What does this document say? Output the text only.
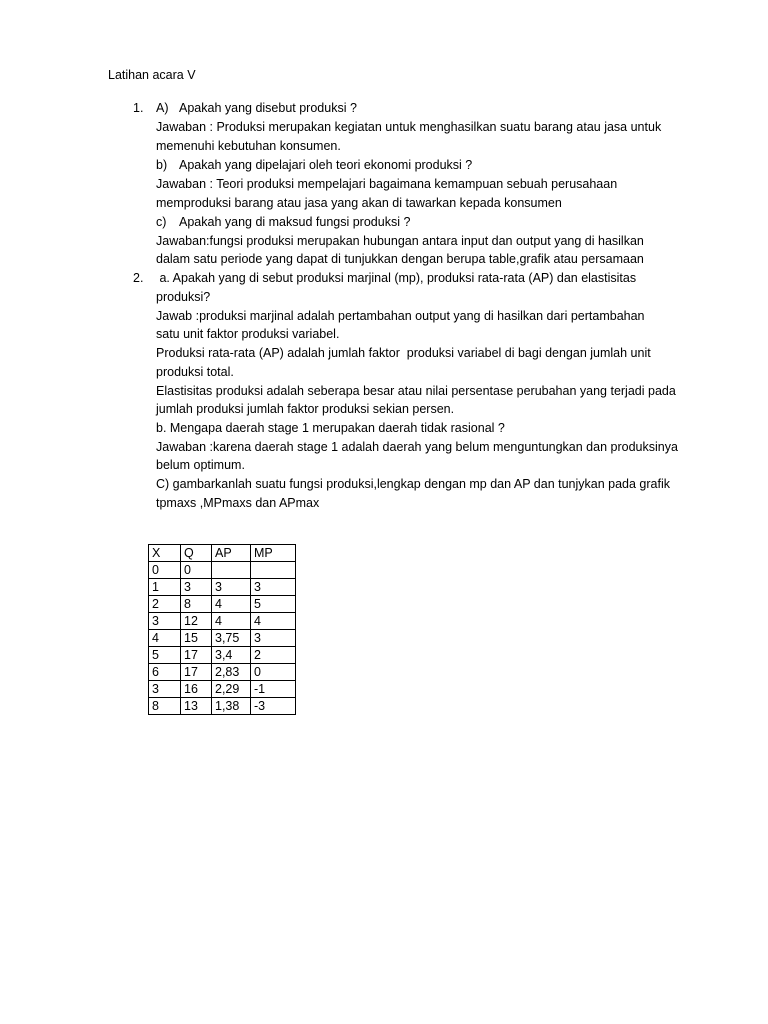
Latihan acara V
1. A) Apakah yang disebut produksi ?
Jawaban : Produksi merupakan kegiatan untuk menghasilkan suatu barang atau jasa untuk
memenuhi kebutuhan konsumen.
b) Apakah yang dipelajari oleh teori ekonomi produksi ?
Jawaban : Teori produksi mempelajari bagaimana kemampuan sebuah perusahaan
memproduksi barang atau jasa yang akan di tawarkan kepada konsumen
c) Apakah yang di maksud fungsi produksi ?
Jawaban:fungsi produksi merupakan hubungan antara input dan output yang di hasilkan
dalam satu periode yang dapat di tunjukkan dengan berupa table,grafik atau persamaan
2. a. Apakah yang di sebut produksi marjinal (mp), produksi rata-rata (AP) dan elastisitas
produksi?
Jawab :produksi marjinal adalah pertambahan output yang di hasilkan dari pertambahan
satu unit faktor produksi variabel.
Produksi rata-rata (AP) adalah jumlah faktor  produksi variabel di bagi dengan jumlah unit
produksi total.
Elastisitas produksi adalah seberapa besar atau nilai persentase perubahan yang terjadi pada
jumlah produksi jumlah faktor produksi sekian persen.
b. Mengapa daerah stage 1 merupakan daerah tidak rasional ?
Jawaban :karena daerah stage 1 adalah daerah yang belum menguntungkan dan produksinya
belum optimum.
C) gambarkanlah suatu fungsi produksi,lengkap dengan mp dan AP dan tunjykan pada grafik
tpmaxs ,MPmaxs dan APmax
X	Q	AP	MP
0	0		
1	3	3	3
2	8	4	5
3	12	4	4
4	15	3,75	3
5	17	3,4	2
6	17	2,83	0
3	16	2,29	-1
8	13	1,38	-3
